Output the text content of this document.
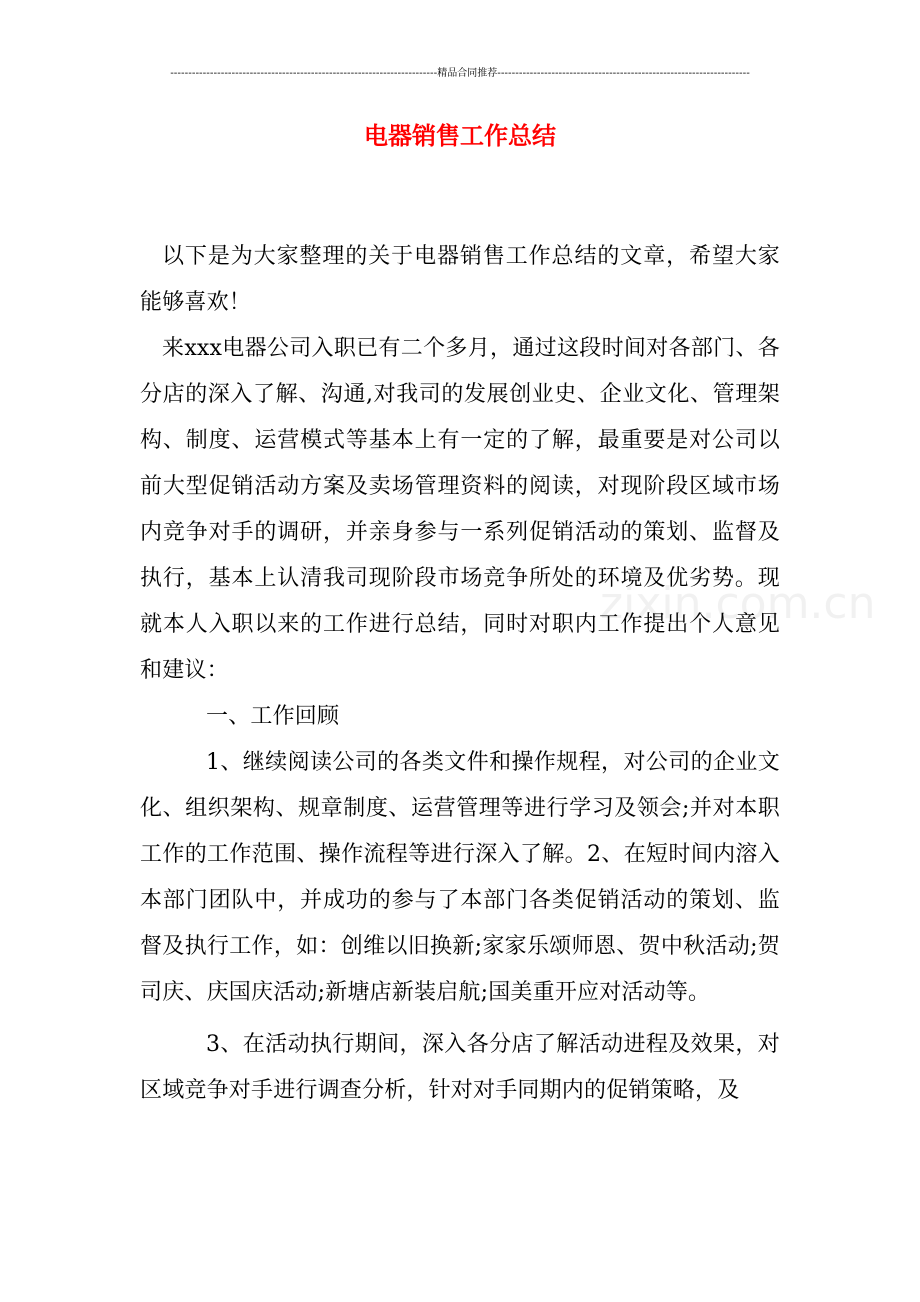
--------------------------------------------------------------------------精品合同推荐----------------------------------------------------------------------
电器销售工作总结
zixin.com.cn

以下是为大家整理的关于电器销售工作总结的文章，希望大家能够喜欢！

来xxx电器公司入职已有二个多月，通过这段时间对各部门、各分店的深入了解、沟通,对我司的发展创业史、企业文化、管理架构、制度、运营模式等基本上有一定的了解，最重要是对公司以前大型促销活动方案及卖场管理资料的阅读，对现阶段区域市场内竞争对手的调研，并亲身参与一系列促销活动的策划、监督及执行，基本上认清我司现阶段市场竞争所处的环境及优劣势。现就本人入职以来的工作进行总结，同时对职内工作提出个人意见和建议：

一、工作回顾

1、继续阅读公司的各类文件和操作规程，对公司的企业文化、组织架构、规章制度、运营管理等进行学习及领会;并对本职工作的工作范围、操作流程等进行深入了解。2、在短时间内溶入本部门团队中，并成功的参与了本部门各类促销活动的策划、监督及执行工作，如：创维以旧换新;家家乐颂师恩、贺中秋活动;贺司庆、庆国庆活动;新塘店新装启航;国美重开应对活动等。

3、在活动执行期间，深入各分店了解活动进程及效果，对区域竞争对手进行调查分析，针对对手同期内的促销策略，及
